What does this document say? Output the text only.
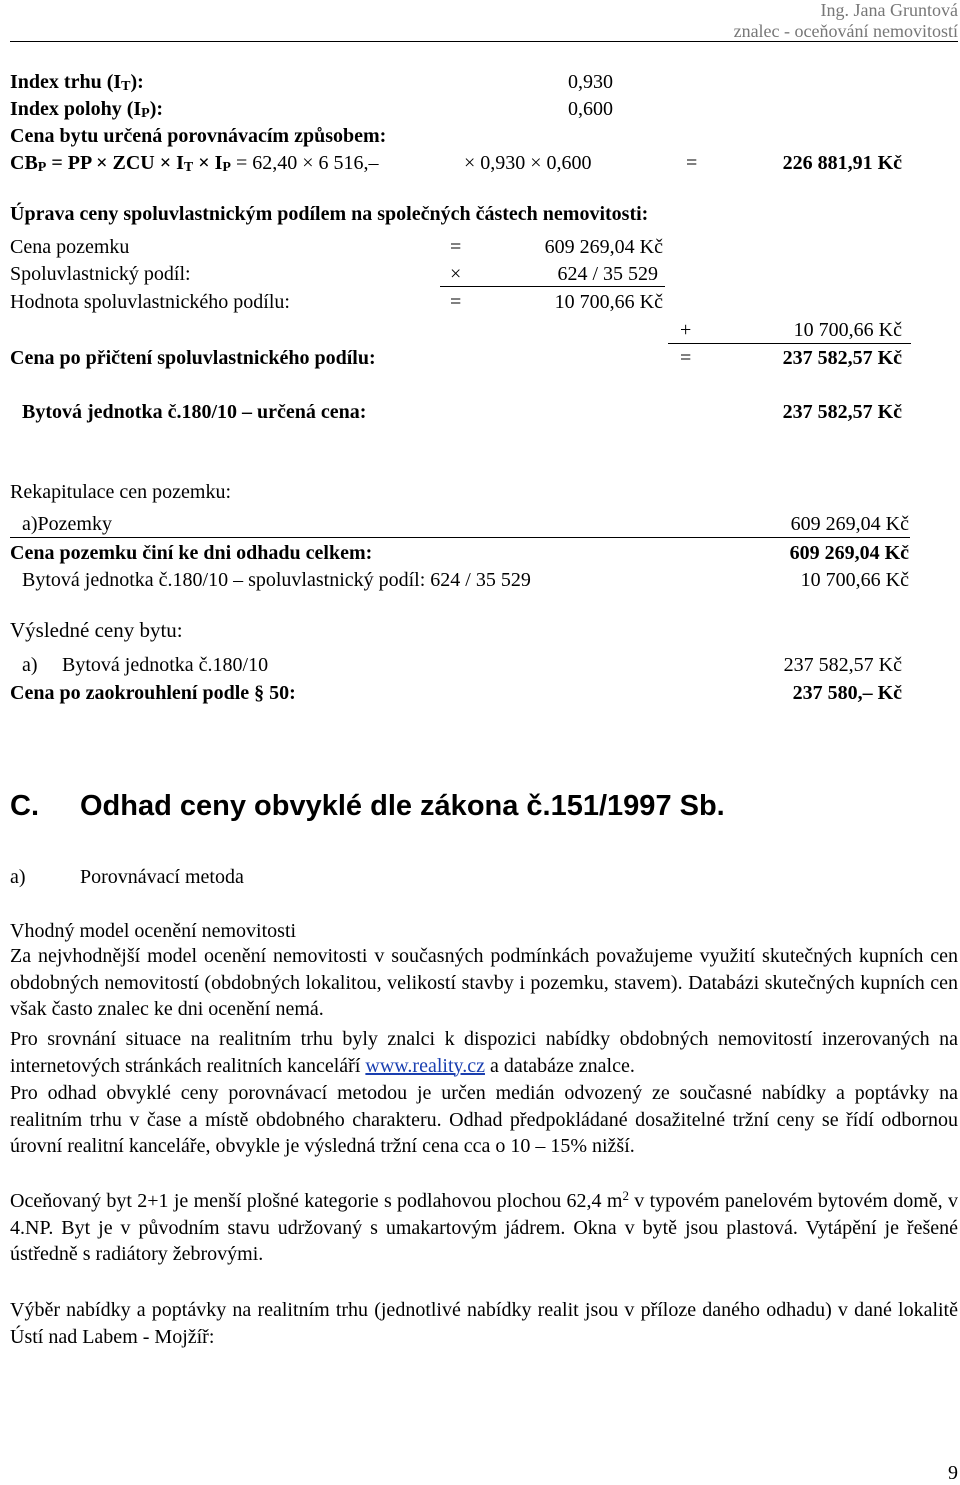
Ing. Jana Gruntová
znalec - oceňování nemovitostí
Index trhu $(I_T)$:	0,930
Index polohy $(I_P)$:	0,600
Cena bytu určená porovnávacím způsobem:
$CB_P$ = PP × ZCU × $I_T \times I_P = 62,40 \times 6$ 516,–	× 0,930 × 0,600	=	226 881,91 Kč
Úprava ceny spoluvlastnickým podílem na společných částech nemovitosti:
Cena pozemku	=	609 269,04 Kč
Spoluvlastnický podíl:	×	624 / 35 529
Hodnota spoluvlastnického podílu:	=	10 700,66 Kč
+	10 700,66 Kč
Cena po přičtení spoluvlastnického podílu:	=	237 582,57 Kč
Bytová jednotka č.180/10 – určená cena:	237 582,57 Kč
Rekapitulace cen pozemku:
a)Pozemky	609 269,04 Kč
Cena pozemku činí ke dni odhadu celkem:	609 269,04 Kč
Bytová jednotka č.180/10 – spoluvlastnický podíl: 624 / 35 529	10 700,66 Kč
Výsledné ceny bytu:
a) Bytová jednotka č.180/10	237 582,57 Kč
Cena po zaokrouhlení podle § 50:	237 580,– Kč
C. Odhad ceny obvyklé dle zákona č.151/1997 Sb.
a)	Porovnávací metoda
Vhodný model ocenění nemovitosti
Za nejvhodnější model ocenění nemovitosti v současných podmínkách považujeme využití skutečných kupních cen obdobných nemovitostí (obdobných lokalitou, velikostí stavby i pozemku, stavem). Databázi skutečných kupních cen však často znalec ke dni ocenění nemá.
Pro srovnání situace na realitním trhu byly znalci k dispozici nabídky obdobných nemovitostí inzerovaných na internetových stránkách realitních kanceláří www.reality.cz a databáze znalce.
Pro odhad obvyklé ceny porovnávací metodou je určen medián odvozený ze současné nabídky a poptávky na realitním trhu v čase a místě obdobného charakteru. Odhad předpokládané dosažitelné tržní ceny se řídí odbornou úrovní realitní kanceláře, obvykle je výsledná tržní cena cca o 10 – 15% nižší.
Oceňovaný byt 2+1 je menší plošné kategorie s podlahovou plochou 62,4 $m^2$ v typovém panelovém bytovém domě, v 4.NP. Byt je v původním stavu udržovaný s umakartovým jádrem. Okna v bytě jsou plastová. Vytápění je řešené ústředně s radiátory žebrovými.
Výběr nabídky a poptávky na realitním trhu (jednotlivé nabídky realit jsou v příloze daného odhadu) v dané lokalitě Ústí nad Labem - Mojžíř:
9
